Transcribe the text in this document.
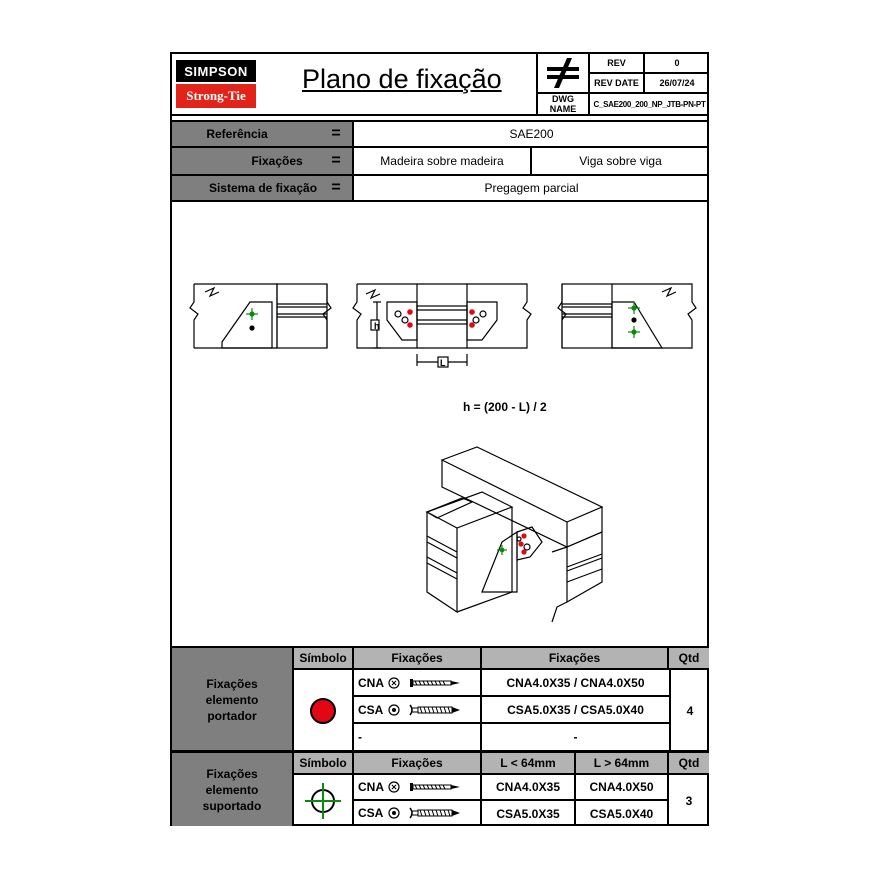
SIMPSON
Strong-Tie
Plano de fixação
DWG NAME
REV	0
REV DATE	26/07/24
C_SAE200_200_NP_JTB-PN-PT
Referência	=	SAE200
Fixações	=	Madeira sobre madeira	Viga sobre viga
Sistema de fixação =	Pregagem parcial
h
L
h = (200 - L) / 2
Fixações elemento portador
Símbolo	Fixações	Fixações	Qtd
CNA	CNA4.0X35 / CNA4.0X50
CSA	CSA5.0X35 / CSA5.0X40
-	-
4
Fixações elemento suportado
Símbolo	Fixações	L < 64mm	L > 64mm	Qtd
CNA	CNA4.0X35	CNA4.0X50
CSA	CSA5.0X35	CSA5.0X40
3
